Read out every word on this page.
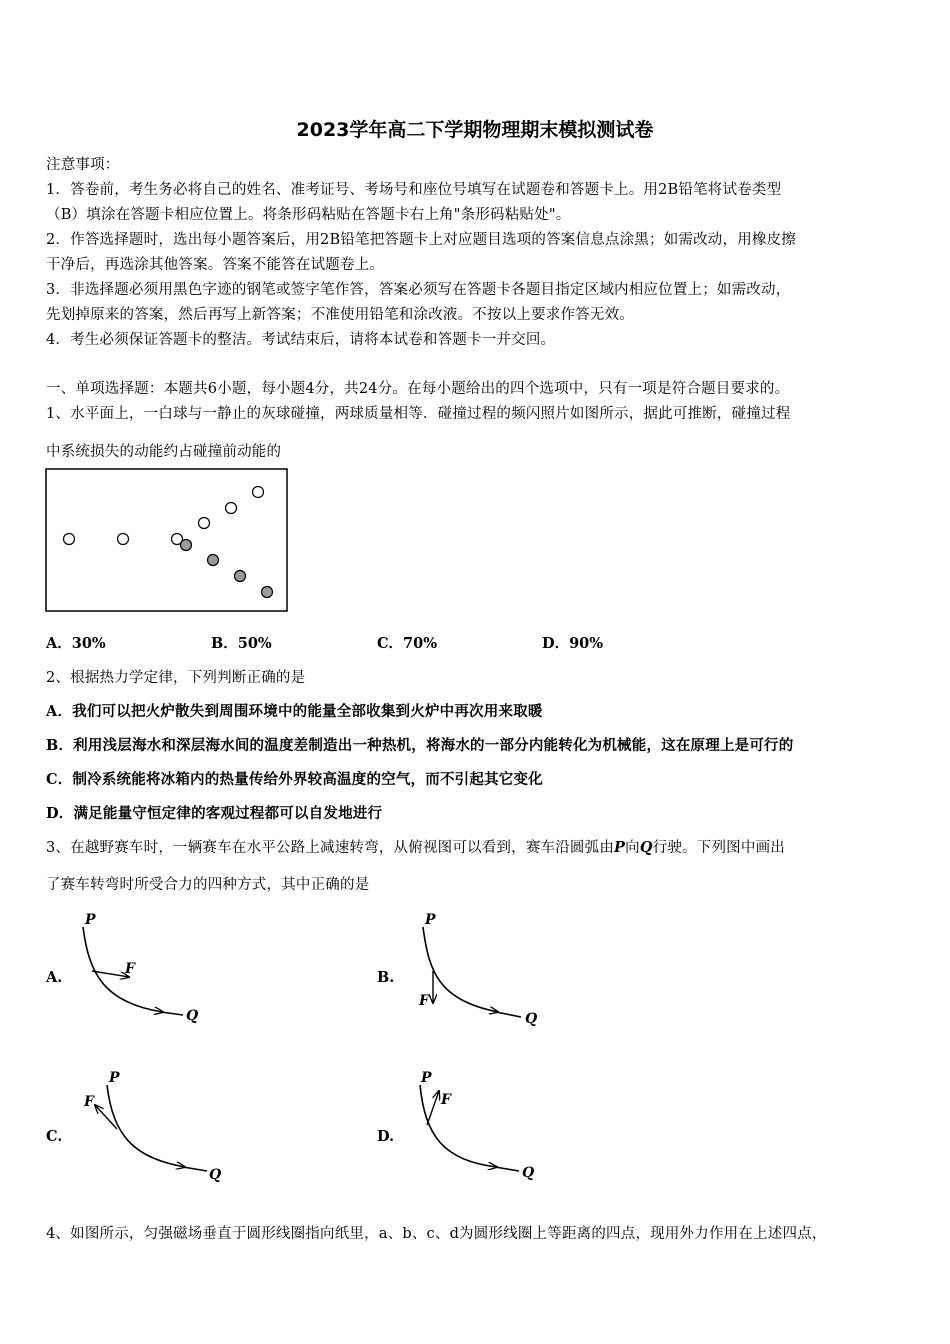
2023学年高二下学期物理期末模拟测试卷
注意事项：
1．答卷前，考生务必将自己的姓名、准考证号、考场号和座位号填写在试题卷和答题卡上。用2B铅笔将试卷类型
（B）填涂在答题卡相应位置上。将条形码粘贴在答题卡右上角"条形码粘贴处"。
2．作答选择题时，选出每小题答案后，用2B铅笔把答题卡上对应题目选项的答案信息点涂黑；如需改动，用橡皮擦
干净后，再选涂其他答案。答案不能答在试题卷上。
3．非选择题必须用黑色字迹的钢笔或签字笔作答，答案必须写在答题卡各题目指定区域内相应位置上；如需改动，
先划掉原来的答案，然后再写上新答案；不准使用铅笔和涂改液。不按以上要求作答无效。
4．考生必须保证答题卡的整洁。考试结束后，请将本试卷和答题卡一并交回。
一、单项选择题：本题共6小题，每小题4分，共24分。在每小题给出的四个选项中，只有一项是符合题目要求的。
1、水平面上，一白球与一静止的灰球碰撞，两球质量相等．碰撞过程的频闪照片如图所示，据此可推断，碰撞过程
中系统损失的动能约占碰撞前动能的
A．30%	B．50%	C．70%	D．90%
2、根据热力学定律，下列判断正确的是
A．我们可以把火炉散失到周围环境中的能量全部收集到火炉中再次用来取暖
B．利用浅层海水和深层海水间的温度差制造出一种热机，将海水的一部分内能转化为机械能，这在原理上是可行的
C．制冷系统能将冰箱内的热量传给外界较高温度的空气，而不引起其它变化
D．满足能量守恒定律的客观过程都可以自发地进行
3、在越野赛车时，一辆赛车在水平公路上减速转弯，从俯视图可以看到，赛车沿圆弧由P向Q行驶。下列图中画出
了赛车转弯时所受合力的四种方式，其中正确的是
A.
P
F
Q
B.
P
F
Q
C.
P
F
Q
D.
P
F
Q
4、如图所示，匀强磁场垂直于圆形线圈指向纸里，a、b、c、d为圆形线圈上等距离的四点，现用外力作用在上述四点，
